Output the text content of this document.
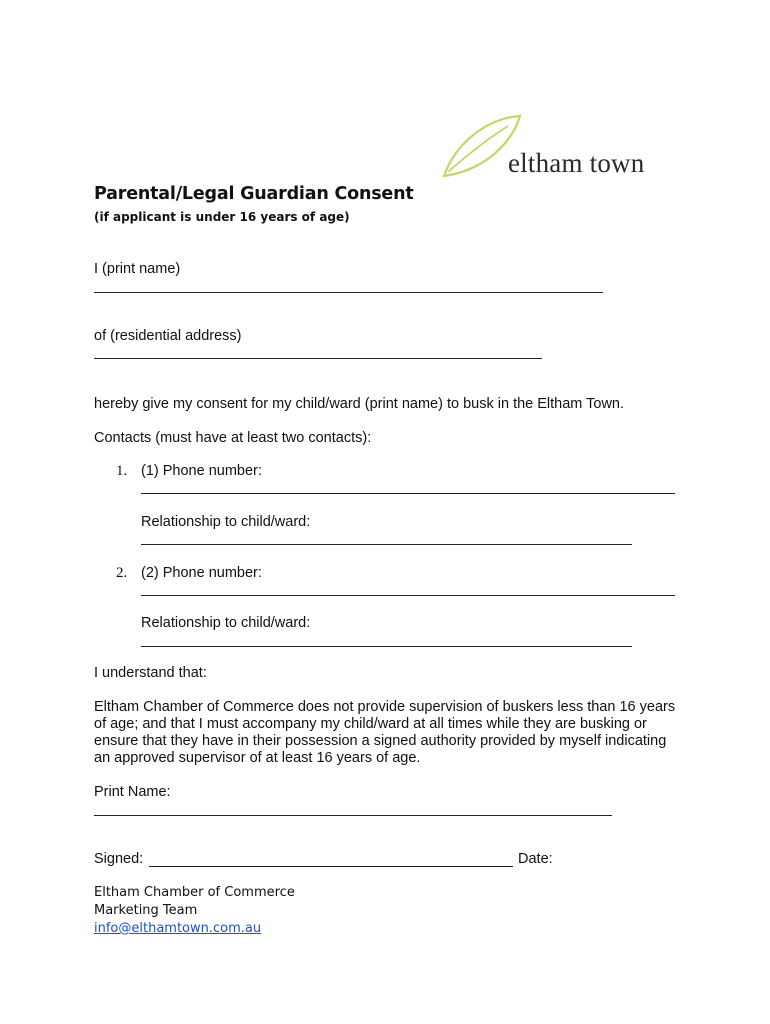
eltham town
Parental/Legal Guardian Consent
(if applicant is under 16 years of age)
I (print name)
of (residential address)
hereby give my consent for my child/ward (print name) to busk in the Eltham Town.
Contacts (must have at least two contacts):
1. (1) Phone number:
Relationship to child/ward:
2. (2) Phone number:
Relationship to child/ward:
I understand that:
Eltham Chamber of Commerce does not provide supervision of buskers less than 16 years of age; and that I must accompany my child/ward at all times while they are busking or ensure that they have in their possession a signed authority provided by myself indicating an approved supervisor of at least 16 years of age.
Print Name:
Signed:	Date:
Eltham Chamber of Commerce
Marketing Team
info@elthamtown.com.au
